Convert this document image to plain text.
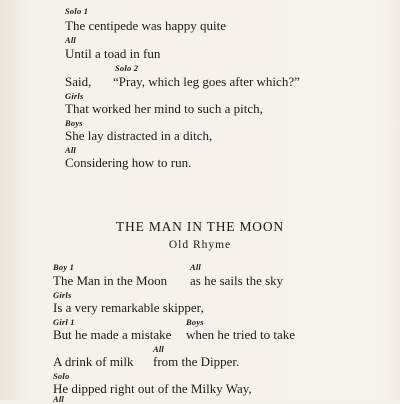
Solo 1
The centipede was happy quite
All
Until a toad in fun
Solo 2
Said, “Pray, which leg goes after which?”
Girls
That worked her mind to such a pitch,
Boys
She lay distracted in a ditch,
All
Considering how to run.
THE MAN IN THE MOON
Old Rhyme
Boy 1	All
The Man in the Moon as he sails the sky
Girls
Is a very remarkable skipper,
Girl 1	Boys
But he made a mistake when he tried to take
All
A drink of milk from the Dipper.
Solo
He dipped right out of the Milky Way,
All
